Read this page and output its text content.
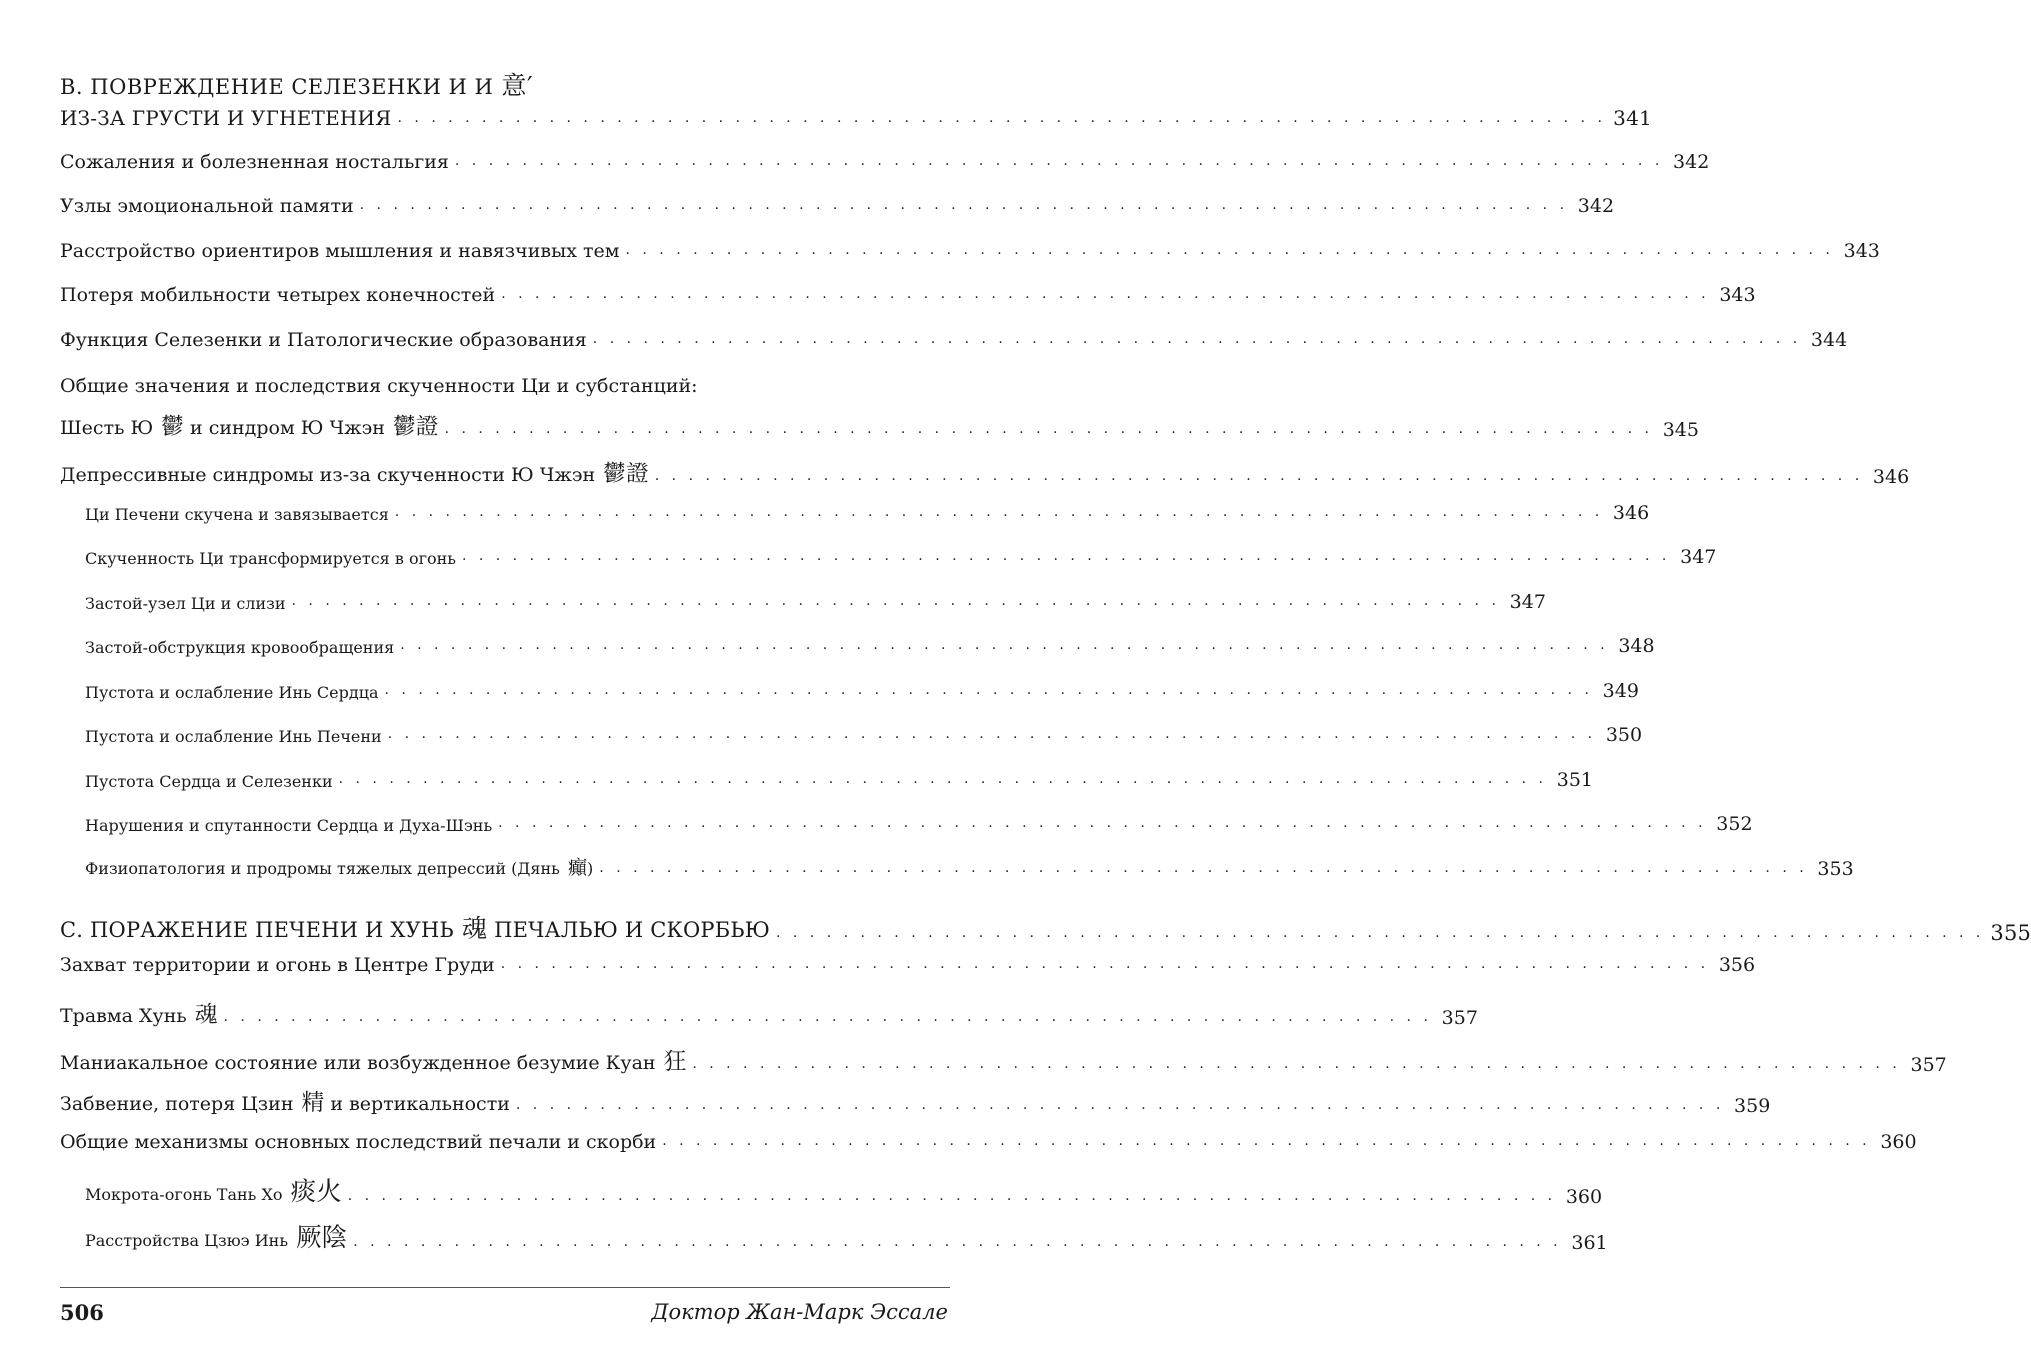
В. ПОВРЕЖДЕНИЕ СЕЛЕЗЕНКИ И И 意′
ИЗ-ЗА ГРУСТИ И УГНЕТЕНИЯ . . . . . . . . . . . . . . . . . . . . . . . . . . . . . . . . . . . . . . . . . . . . . . . . . . . . . . . . . . . . . . . . . . . . . . . . 341
Сожаления и болезненная ностальгия . . . . . . . . . . . . . . . . . . . . . . . . . . . . . . . . . . . . . . . . . . . . . . . . . . . . . . . . . . . . . . . . . . . . . . . . 342
Узлы эмоциональной памяти . . . . . . . . . . . . . . . . . . . . . . . . . . . . . . . . . . . . . . . . . . . . . . . . . . . . . . . . . . . . . . . . . . . . . . . . 342
Расстройство ориентиров мышления и навязчивых тем . . . . . . . . . . . . . . . . . . . . . . . . . . . . . . . . . . . . . . . . . . . . . . . . . . . . . . . . . . . . . . . . . . . . . . . . 343
Потеря мобильности четырех конечностей . . . . . . . . . . . . . . . . . . . . . . . . . . . . . . . . . . . . . . . . . . . . . . . . . . . . . . . . . . . . . . . . . . . . . . . . 343
Функция Селезенки и Патологические образования . . . . . . . . . . . . . . . . . . . . . . . . . . . . . . . . . . . . . . . . . . . . . . . . . . . . . . . . . . . . . . . . . . . . . . . . 344
Общие значения и последствия скученности Ци и субстанций:
Шесть Ю 鬱 и синдром Ю Чжэн 鬱證 . . . . . . . . . . . . . . . . . . . . . . . . . . . . . . . . . . . . . . . . . . . . . . . . . . . . . . . . . . . . . . . . . . . . . . . . 345
Депрессивные синдромы из-за скученности Ю Чжэн 鬱證 . . . . . . . . . . . . . . . . . . . . . . . . . . . . . . . . . . . . . . . . . . . . . . . . . . . . . . . . . . . . . . . . . . . . . . . . 346
Ци Печени скучена и завязывается . . . . . . . . . . . . . . . . . . . . . . . . . . . . . . . . . . . . . . . . . . . . . . . . . . . . . . . . . . . . . . . . . . . . . . . . 346
Скученность Ци трансформируется в огонь . . . . . . . . . . . . . . . . . . . . . . . . . . . . . . . . . . . . . . . . . . . . . . . . . . . . . . . . . . . . . . . . . . . . . . . . 347
Застой-узел Ци и слизи . . . . . . . . . . . . . . . . . . . . . . . . . . . . . . . . . . . . . . . . . . . . . . . . . . . . . . . . . . . . . . . . . . . . . . . . 347
Застой-обструкция кровообращения . . . . . . . . . . . . . . . . . . . . . . . . . . . . . . . . . . . . . . . . . . . . . . . . . . . . . . . . . . . . . . . . . . . . . . . . 348
Пустота и ослабление Инь Сердца . . . . . . . . . . . . . . . . . . . . . . . . . . . . . . . . . . . . . . . . . . . . . . . . . . . . . . . . . . . . . . . . . . . . . . . . 349
Пустота и ослабление Инь Печени . . . . . . . . . . . . . . . . . . . . . . . . . . . . . . . . . . . . . . . . . . . . . . . . . . . . . . . . . . . . . . . . . . . . . . . . 350
Пустота Сердца и Селезенки . . . . . . . . . . . . . . . . . . . . . . . . . . . . . . . . . . . . . . . . . . . . . . . . . . . . . . . . . . . . . . . . . . . . . . . . 351
Нарушения и спутанности Сердца и Духа-Шэнь . . . . . . . . . . . . . . . . . . . . . . . . . . . . . . . . . . . . . . . . . . . . . . . . . . . . . . . . . . . . . . . . . . . . . . . . 352
Физиопатология и продромы тяжелых депрессий (Дянь 癲) . . . . . . . . . . . . . . . . . . . . . . . . . . . . . . . . . . . . . . . . . . . . . . . . . . . . . . . . . . . . . . . . . . . . . . . . 353
С. ПОРАЖЕНИЕ ПЕЧЕНИ И ХУНЬ 魂 ПЕЧАЛЬЮ И СКОРБЬЮ . . . . . . . . . . . . . . . . . . . . . . . . . . . . . . . . . . . . . . . . . . . . . . . . . . . . . . . . . . . . . . . . . . . . . . . . 355
Захват территории и огонь в Центре Груди . . . . . . . . . . . . . . . . . . . . . . . . . . . . . . . . . . . . . . . . . . . . . . . . . . . . . . . . . . . . . . . . . . . . . . . . 356
Травма Хунь 魂 . . . . . . . . . . . . . . . . . . . . . . . . . . . . . . . . . . . . . . . . . . . . . . . . . . . . . . . . . . . . . . . . . . . . . . . . 357
Маниакальное состояние или возбужденное безумие Куан 狂 . . . . . . . . . . . . . . . . . . . . . . . . . . . . . . . . . . . . . . . . . . . . . . . . . . . . . . . . . . . . . . . . . . . . . . . . 357
Забвение, потеря Цзин 精 и вертикальности . . . . . . . . . . . . . . . . . . . . . . . . . . . . . . . . . . . . . . . . . . . . . . . . . . . . . . . . . . . . . . . . . . . . . . . . 359
Общие механизмы основных последствий печали и скорби . . . . . . . . . . . . . . . . . . . . . . . . . . . . . . . . . . . . . . . . . . . . . . . . . . . . . . . . . . . . . . . . . . . . . . . . 360
Мокрота-огонь Тань Хо 痰火 . . . . . . . . . . . . . . . . . . . . . . . . . . . . . . . . . . . . . . . . . . . . . . . . . . . . . . . . . . . . . . . . . . . . . . . . 360
Расстройства Цзюэ Инь 厥陰 . . . . . . . . . . . . . . . . . . . . . . . . . . . . . . . . . . . . . . . . . . . . . . . . . . . . . . . . . . . . . . . . . . . . . . . . 361
506	Доктор Жан-Марк Эссале
